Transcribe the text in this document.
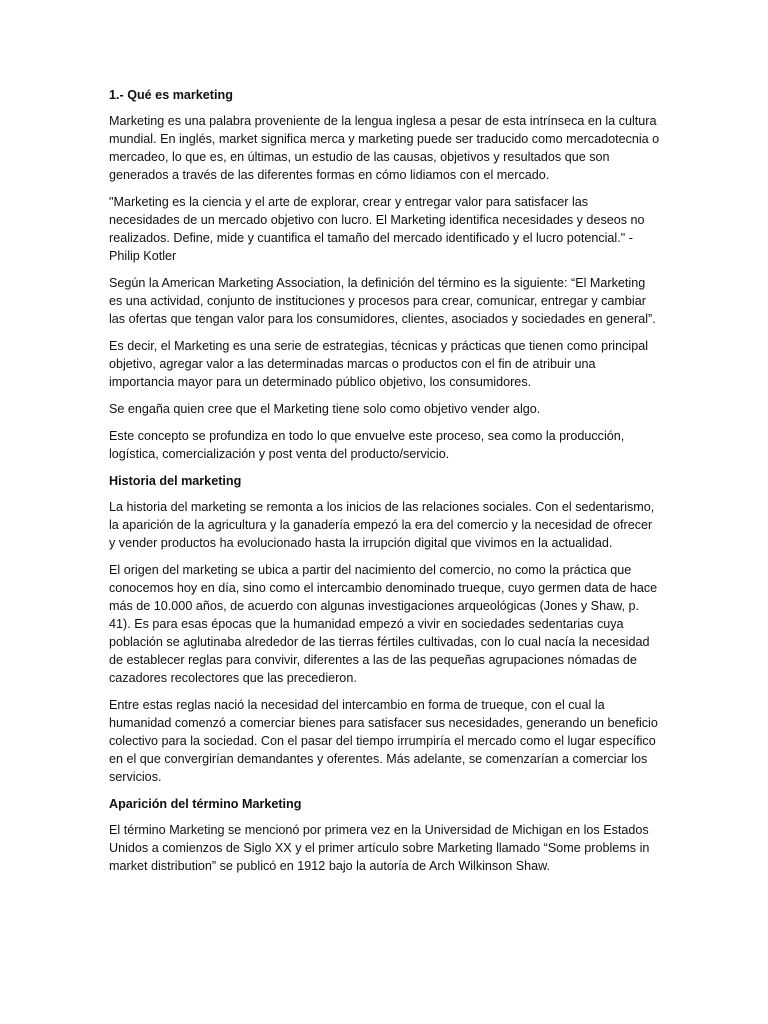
1.- Qué es marketing

Marketing es una palabra proveniente de la lengua inglesa a pesar de esta intrínseca en la cultura mundial. En inglés, market significa merca y marketing puede ser traducido como mercadotecnia o mercadeo, lo que es, en últimas, un estudio de las causas, objetivos y resultados que son generados a través de las diferentes formas en cómo lidiamos con el mercado.

"Marketing es la ciencia y el arte de explorar, crear y entregar valor para satisfacer las necesidades de un mercado objetivo con lucro. El Marketing identifica necesidades y deseos no realizados. Define, mide y cuantifica el tamaño del mercado identificado y el lucro potencial." - Philip Kotler

Según la American Marketing Association, la definición del término es la siguiente: “El Marketing es una actividad, conjunto de instituciones y procesos para crear, comunicar, entregar y cambiar las ofertas que tengan valor para los consumidores, clientes, asociados y sociedades en general”.

Es decir, el Marketing es una serie de estrategias, técnicas y prácticas que tienen como principal objetivo, agregar valor a las determinadas marcas o productos con el fin de atribuir una importancia mayor para un determinado público objetivo, los consumidores.

Se engaña quien cree que el Marketing tiene solo como objetivo vender algo.

Este concepto se profundiza en todo lo que envuelve este proceso, sea como la producción, logística, comercialización y post venta del producto/servicio.

Historia del marketing

La historia del marketing se remonta a los inicios de las relaciones sociales. Con el sedentarismo, la aparición de la agricultura y la ganadería empezó la era del comercio y la necesidad de ofrecer y vender productos ha evolucionado hasta la irrupción digital que vivimos en la actualidad.

El origen del marketing se ubica a partir del nacimiento del comercio, no como la práctica que conocemos hoy en día, sino como el intercambio denominado trueque, cuyo germen data de hace más de 10.000 años, de acuerdo con algunas investigaciones arqueológicas (Jones y Shaw, p. 41). Es para esas épocas que la humanidad empezó a vivir en sociedades sedentarias cuya población se aglutinaba alrededor de las tierras fértiles cultivadas, con lo cual nacía la necesidad de establecer reglas para convivir, diferentes a las de las pequeñas agrupaciones nómadas de cazadores recolectores que las precedieron.

Entre estas reglas nació la necesidad del intercambio en forma de trueque, con el cual la humanidad comenzó a comerciar bienes para satisfacer sus necesidades, generando un beneficio colectivo para la sociedad. Con el pasar del tiempo irrumpiría el mercado como el lugar específico en el que convergirían demandantes y oferentes. Más adelante, se comenzarían a comerciar los servicios.

Aparición del término Marketing

El término Marketing se mencionó por primera vez en la Universidad de Michigan en los Estados Unidos a comienzos de Siglo XX y el primer artículo sobre Marketing llamado “Some problems in market distribution” se publicó en 1912 bajo la autoría de Arch Wilkinson Shaw.
